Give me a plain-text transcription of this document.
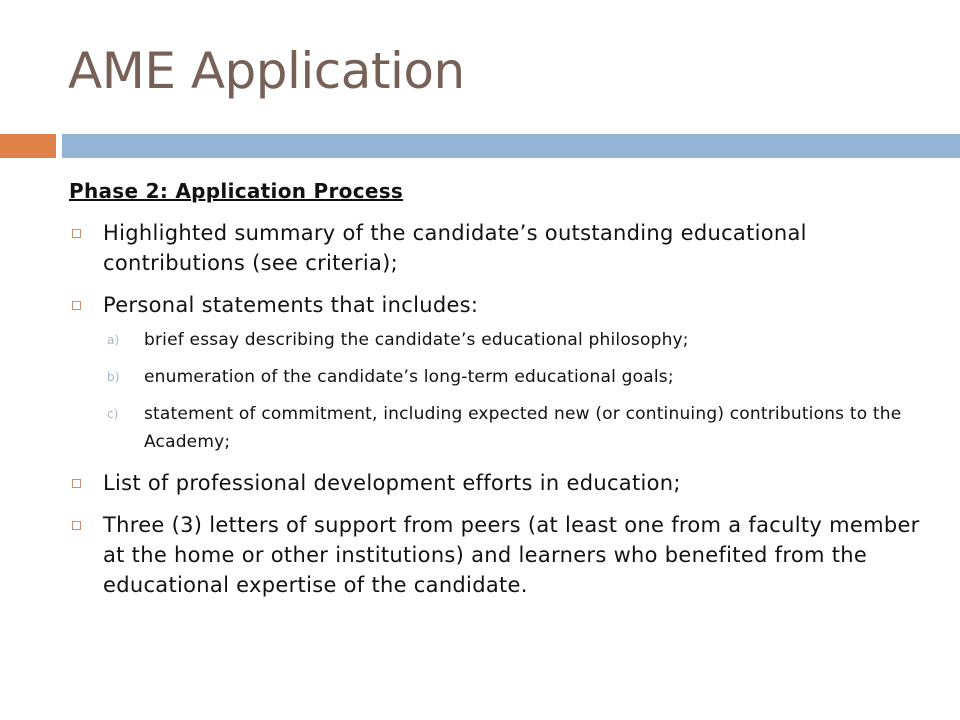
AME Application
Phase 2: Application Process
Highlighted summary of the candidate’s outstanding educational contributions (see criteria);
Personal statements that includes:
a) brief essay describing the candidate’s educational philosophy;
b) enumeration of the candidate’s long-term educational goals;
c) statement of commitment, including expected new (or continuing) contributions to the Academy;
List of professional development efforts in education;
Three (3) letters of support from peers (at least one from a faculty member at the home or other institutions) and learners who benefited from the educational expertise of the candidate.
